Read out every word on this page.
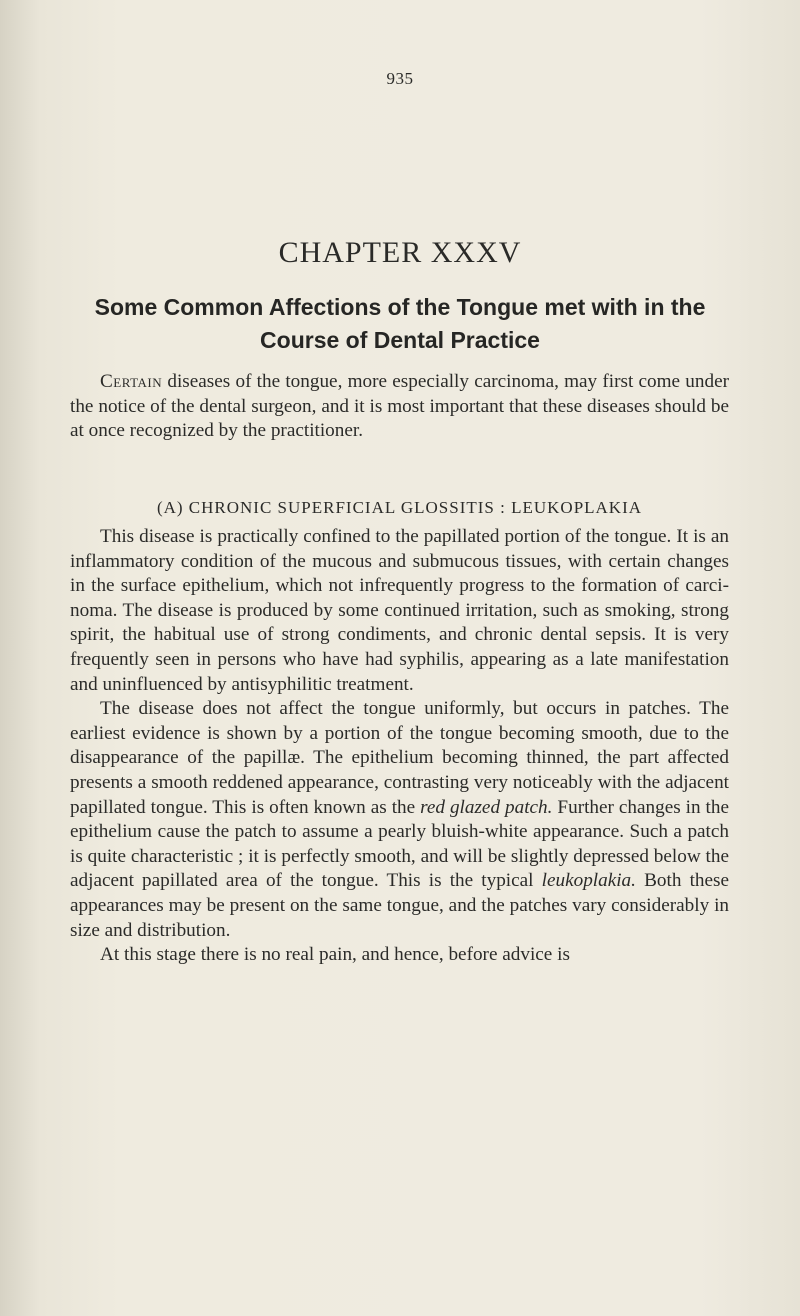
935
CHAPTER XXXV
Some Common Affections of the Tongue met with in the Course of Dental Practice

Certain diseases of the tongue, more especially carcinoma, may first come under the notice of the dental surgeon, and it is most important that these diseases should be at once recognized by the practitioner.

(A) CHRONIC SUPERFICIAL GLOSSITIS : LEUKOPLAKIA

This disease is practically confined to the papillated portion of the tongue. It is an inflammatory condition of the mucous and submucous tissues, with certain changes in the surface epithelium, which not infrequently progress to the formation of carcinoma. The disease is produced by some continued irritation, such as smoking, strong spirit, the habitual use of strong condiments, and chronic dental sepsis. It is very frequently seen in persons who have had syphilis, appearing as a late manifestation and uninfluenced by antisyphilitic treatment.

The disease does not affect the tongue uniformly, but occurs in patches. The earliest evidence is shown by a portion of the tongue becoming smooth, due to the disappearance of the papillæ. The epithelium becoming thinned, the part affected presents a smooth reddened appearance, contrasting very noticeably with the adjacent papillated tongue. This is often known as the red glazed patch. Further changes in the epithelium cause the patch to assume a pearly bluish-white appearance. Such a patch is quite characteristic ; it is perfectly smooth, and will be slightly depressed below the adjacent papillated area of the tongue. This is the typical leukoplakia. Both these appearances may be present on the same tongue, and the patches vary considerably in size and distribution.

At this stage there is no real pain, and hence, before advice is
